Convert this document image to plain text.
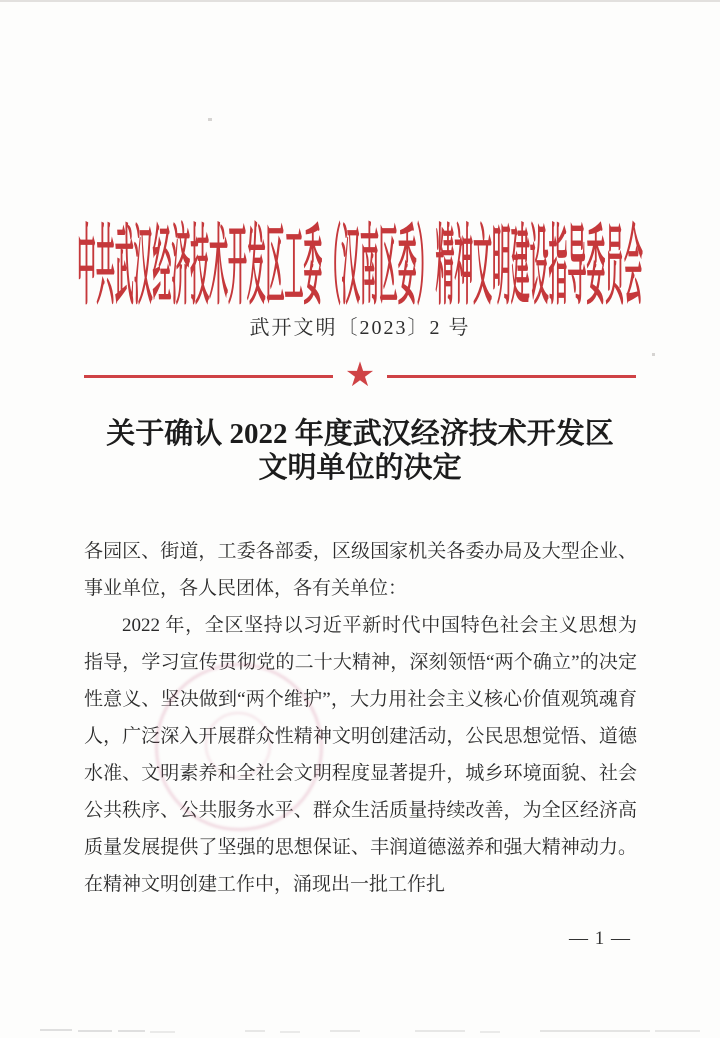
中共武汉经济技术开发区工委（汉南区委）精神文明建设指导委员会
武开文明〔2023〕2 号
★
关于确认 2022 年度武汉经济技术开发区
文明单位的决定

各园区、街道，工委各部委，区级国家机关各委办局及大型企业、事业单位，各人民团体，各有关单位：

2022 年，全区坚持以习近平新时代中国特色社会主义思想为指导，学习宣传贯彻党的二十大精神，深刻领悟“两个确立”的决定性意义、坚决做到“两个维护”，大力用社会主义核心价值观筑魂育人，广泛深入开展群众性精神文明创建活动，公民思想觉悟、道德水准、文明素养和全社会文明程度显著提升，城乡环境面貌、社会公共秩序、公共服务水平、群众生活质量持续改善，为全区经济高质量发展提供了坚强的思想保证、丰润道德滋养和强大精神动力。在精神文明创建工作中，涌现出一批工作扎

— 1 —
